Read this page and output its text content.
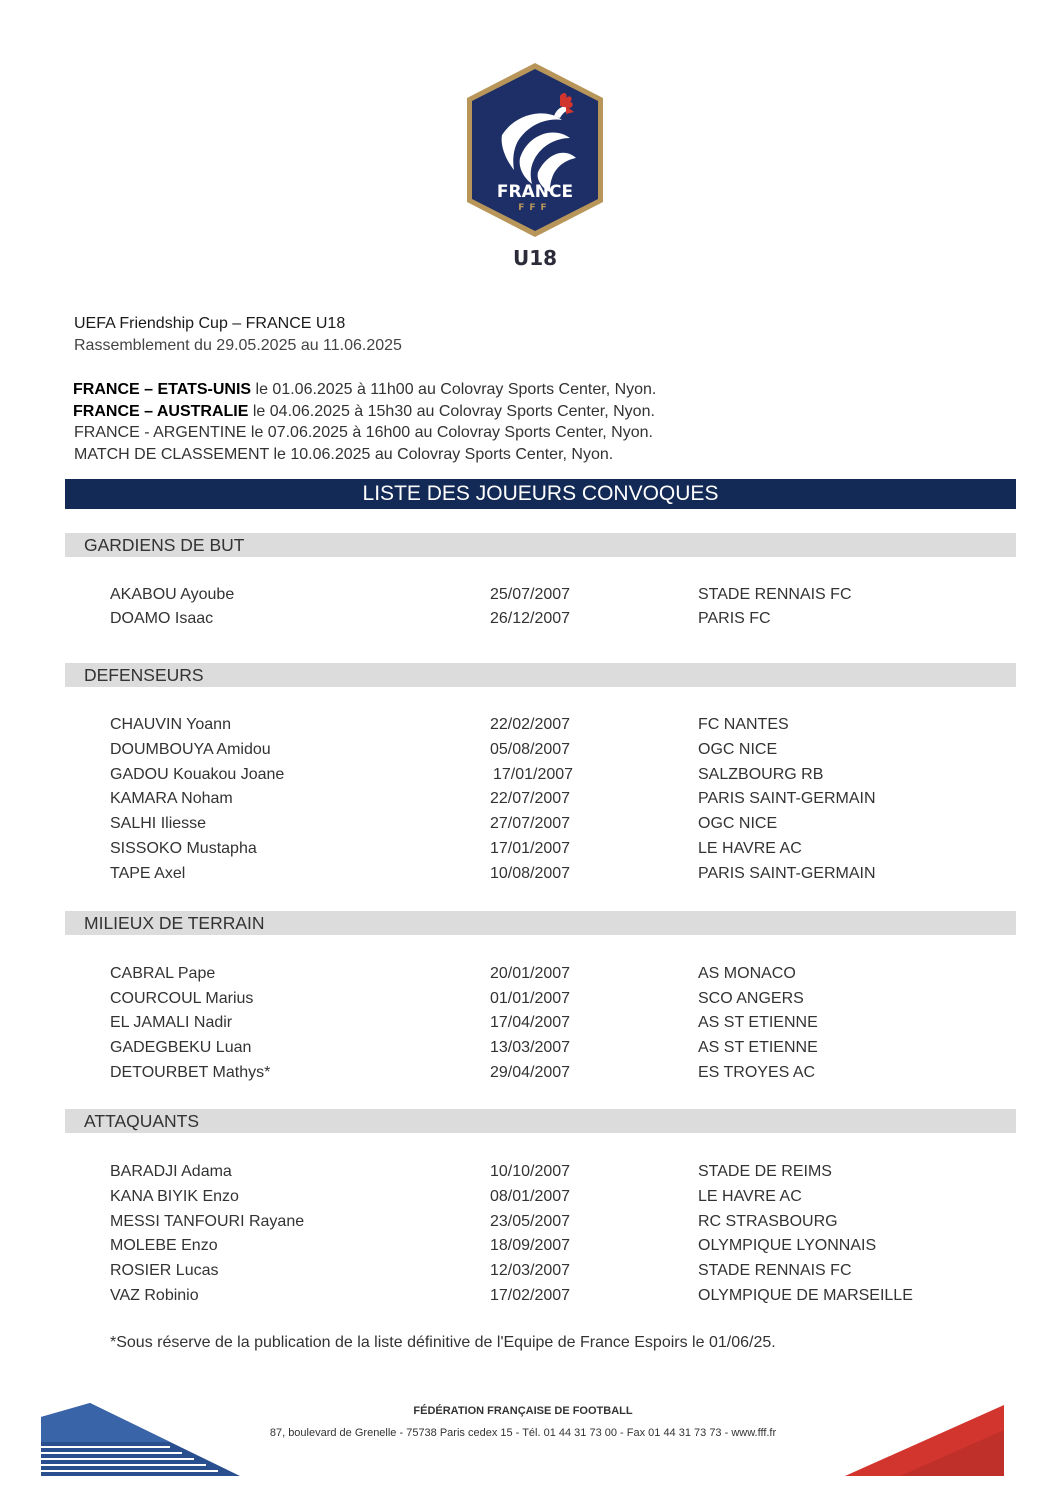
FRANCE
FFF
U18
UEFA Friendship Cup – FRANCE U18
Rassemblement du 29.05.2025 au 11.06.2025
FRANCE – ETATS-UNIS le 01.06.2025 à 11h00 au Colovray Sports Center, Nyon.
FRANCE – AUSTRALIE le 04.06.2025 à 15h30 au Colovray Sports Center, Nyon.
FRANCE - ARGENTINE le 07.06.2025 à 16h00 au Colovray Sports Center, Nyon.
MATCH DE CLASSEMENT le 10.06.2025 au Colovray Sports Center, Nyon.
LISTE DES JOUEURS CONVOQUES
GARDIENS DE BUT
AKABOU Ayoube	25/07/2007	STADE RENNAIS FC
DOAMO Isaac	26/12/2007	PARIS FC
DEFENSEURS
CHAUVIN Yoann	22/02/2007	FC NANTES
DOUMBOUYA Amidou	05/08/2007	OGC NICE
GADOU Kouakou Joane	17/01/2007	SALZBOURG RB
KAMARA Noham	22/07/2007	PARIS SAINT-GERMAIN
SALHI Iliesse	27/07/2007	OGC NICE
SISSOKO Mustapha	17/01/2007	LE HAVRE AC
TAPE Axel	10/08/2007	PARIS SAINT-GERMAIN
MILIEUX DE TERRAIN
CABRAL Pape	20/01/2007	AS MONACO
COURCOUL Marius	01/01/2007	SCO ANGERS
EL JAMALI Nadir	17/04/2007	AS ST ETIENNE
GADEGBEKU Luan	13/03/2007	AS ST ETIENNE
DETOURBET Mathys*	29/04/2007	ES TROYES AC
ATTAQUANTS
BARADJI Adama	10/10/2007	STADE DE REIMS
KANA BIYIK Enzo	08/01/2007	LE HAVRE AC
MESSI TANFOURI Rayane	23/05/2007	RC STRASBOURG
MOLEBE Enzo	18/09/2007	OLYMPIQUE LYONNAIS
ROSIER Lucas	12/03/2007	STADE RENNAIS FC
VAZ Robinio	17/02/2007	OLYMPIQUE DE MARSEILLE
*Sous réserve de la publication de la liste définitive de l'Equipe de France Espoirs le 01/06/25.
FÉDÉRATION FRANÇAISE DE FOOTBALL
87, boulevard de Grenelle - 75738 Paris cedex 15 - Tél. 01 44 31 73 00 - Fax 01 44 31 73 73 - www.fff.fr
